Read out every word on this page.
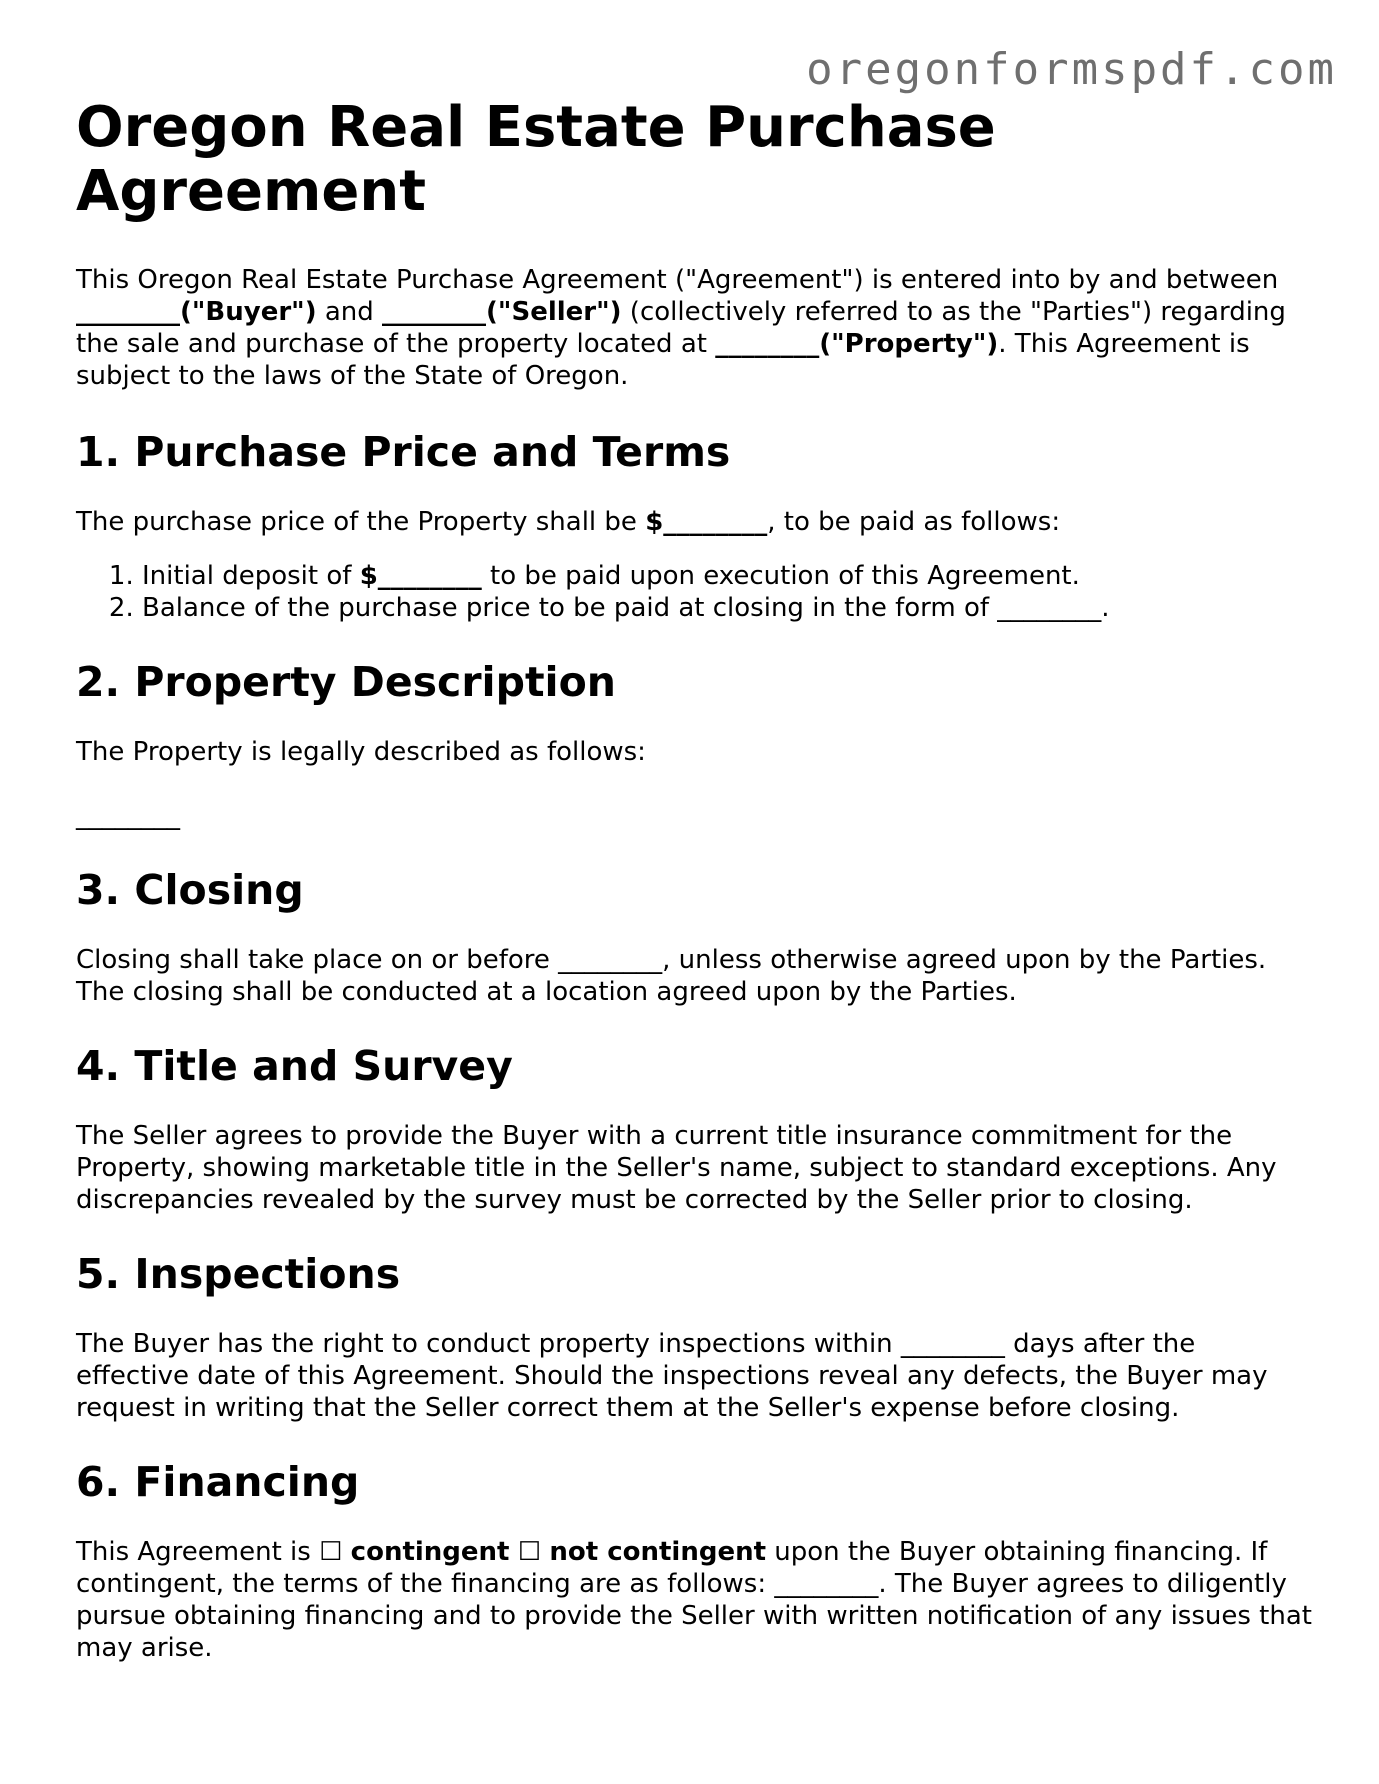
oregonformspdf.com
Oregon Real Estate Purchase Agreement

This Oregon Real Estate Purchase Agreement ("Agreement") is entered into by and between ________("Buyer") and ________("Seller") (collectively referred to as the "Parties") regarding the sale and purchase of the property located at ________("Property"). This Agreement is subject to the laws of the State of Oregon.

1. Purchase Price and Terms

The purchase price of the Property shall be $________, to be paid as follows:

1. Initial deposit of $________ to be paid upon execution of this Agreement.
2. Balance of the purchase price to be paid at closing in the form of ________.
2. Property Description

The Property is legally described as follows:

________
3. Closing

Closing shall take place on or before ________, unless otherwise agreed upon by the Parties. The closing shall be conducted at a location agreed upon by the Parties.

4. Title and Survey

The Seller agrees to provide the Buyer with a current title insurance commitment for the Property, showing marketable title in the Seller's name, subject to standard exceptions. Any discrepancies revealed by the survey must be corrected by the Seller prior to closing.

5. Inspections

The Buyer has the right to conduct property inspections within ________ days after the effective date of this Agreement. Should the inspections reveal any defects, the Buyer may request in writing that the Seller correct them at the Seller's expense before closing.

6. Financing

This Agreement is ☐ contingent ☐ not contingent upon the Buyer obtaining financing. If contingent, the terms of the financing are as follows: ________. The Buyer agrees to diligently pursue obtaining financing and to provide the Seller with written notification of any issues that may arise.
